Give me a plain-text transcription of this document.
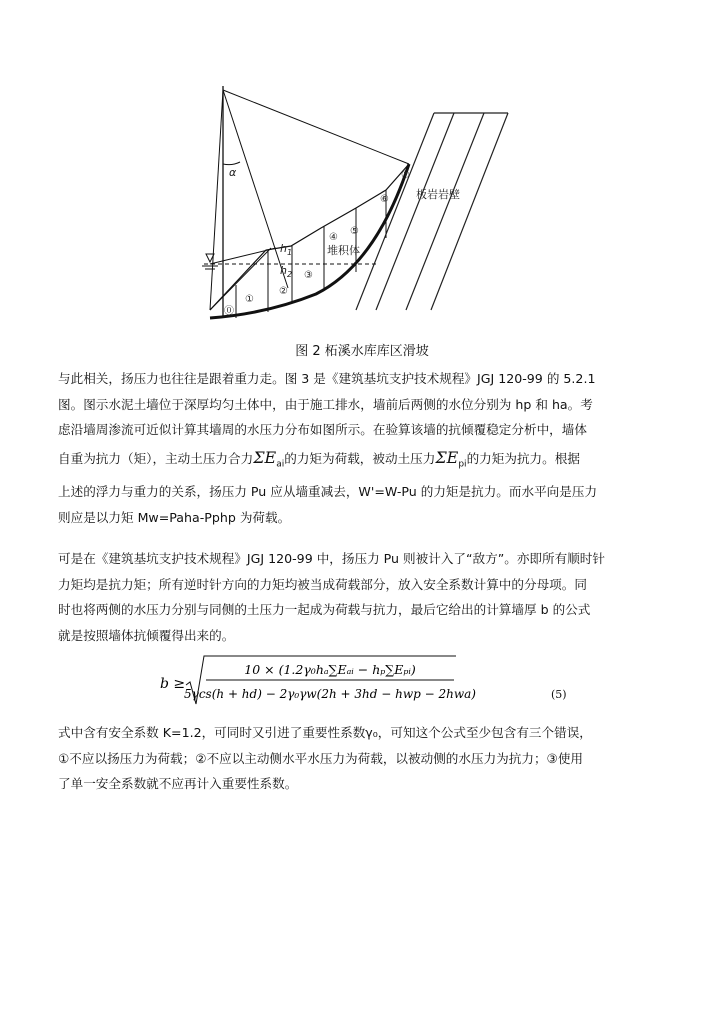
⓪
①
②
③
④
⑤
⑥
⑦
堆积体
板岩岩壁
α
$h_1$
$h_2$
图 2 柘溪水库库区滑坡
与此相关，扬压力也往往是跟着重力走。图 3 是《建筑基坑支护技术规程》JGJ 120-99 的 5.2.1
图。图示水泥土墙位于深厚均匀土体中，由于施工排水，墙前后两侧的水位分别为 hp 和 ha。考
虑沿墙周渗流可近似计算其墙周的水压力分布如图所示。在验算该墙的抗倾覆稳定分析中，墙体
自重为抗力（矩），主动土压力合力$\Sigma E_{ai}$的力矩为荷载，被动土压力$\Sigma E_{pi}$的力矩为抗力。根据
上述的浮力与重力的关系，扬压力 Pu 应从墙重减去，W'=W-Pu 的力矩是抗力。而水平向是压力
则应是以力矩 Mw=Paha-Pphp 为荷载。
可是在《建筑基坑支护技术规程》JGJ 120-99 中，扬压力 Pu 则被计入了“敌方”。亦即所有顺时针
力矩均是抗力矩；所有逆时针方向的力矩均被当成荷载部分，放入安全系数计算中的分母项。同
时也将两侧的水压力分别与同侧的土压力一起成为荷载与抗力，最后它给出的计算墙厚 b 的公式
就是按照墙体抗倾覆得出来的。
b ≥
10 × (1.2γ₀hₐ∑Eₐᵢ − hₚ∑Eₚᵢ)
5γcs(h + hd) − 2γ₀γw(2h + 3hd − hwp − 2hwa)	(5)
式中含有安全系数 K=1.2，可同时又引进了重要性系数γ₀，可知这个公式至少包含有三个错误，
①不应以扬压力为荷载；②不应以主动侧水平水压力为荷载，以被动侧的水压力为抗力；③使用
了单一安全系数就不应再计入重要性系数。
